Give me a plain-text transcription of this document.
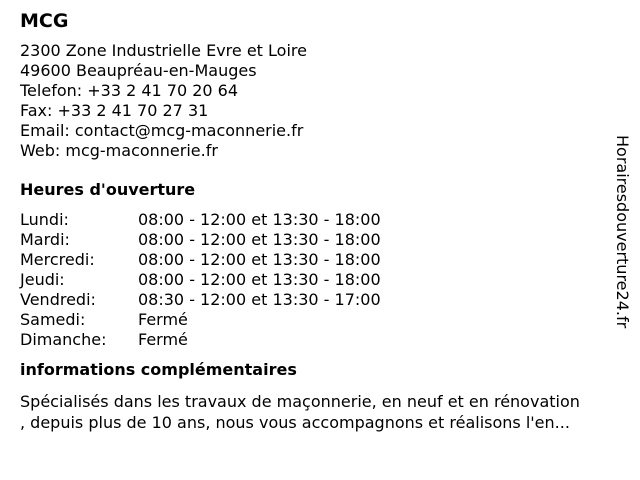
MCG
2300 Zone Industrielle Evre et Loire
49600 Beaupréau-en-Mauges
Telefon: +33 2 41 70 20 64
Fax: +33 2 41 70 27 31
Email: contact@mcg-maconnerie.fr
Web: mcg-maconnerie.fr
Heures d'ouverture
Lundi:	08:00 - 12:00 et 13:30 - 18:00
Mardi:	08:00 - 12:00 et 13:30 - 18:00
Mercredi:	08:00 - 12:00 et 13:30 - 18:00
Jeudi:	08:00 - 12:00 et 13:30 - 18:00
Vendredi:	08:30 - 12:00 et 13:30 - 17:00
Samedi:	Fermé
Dimanche: Fermé
informations complémentaires
Spécialisés dans les travaux de maçonnerie, en neuf et en rénovation
, depuis plus de 10 ans, nous vous accompagnons et réalisons l'en...
Horairesdouverture24.fr
